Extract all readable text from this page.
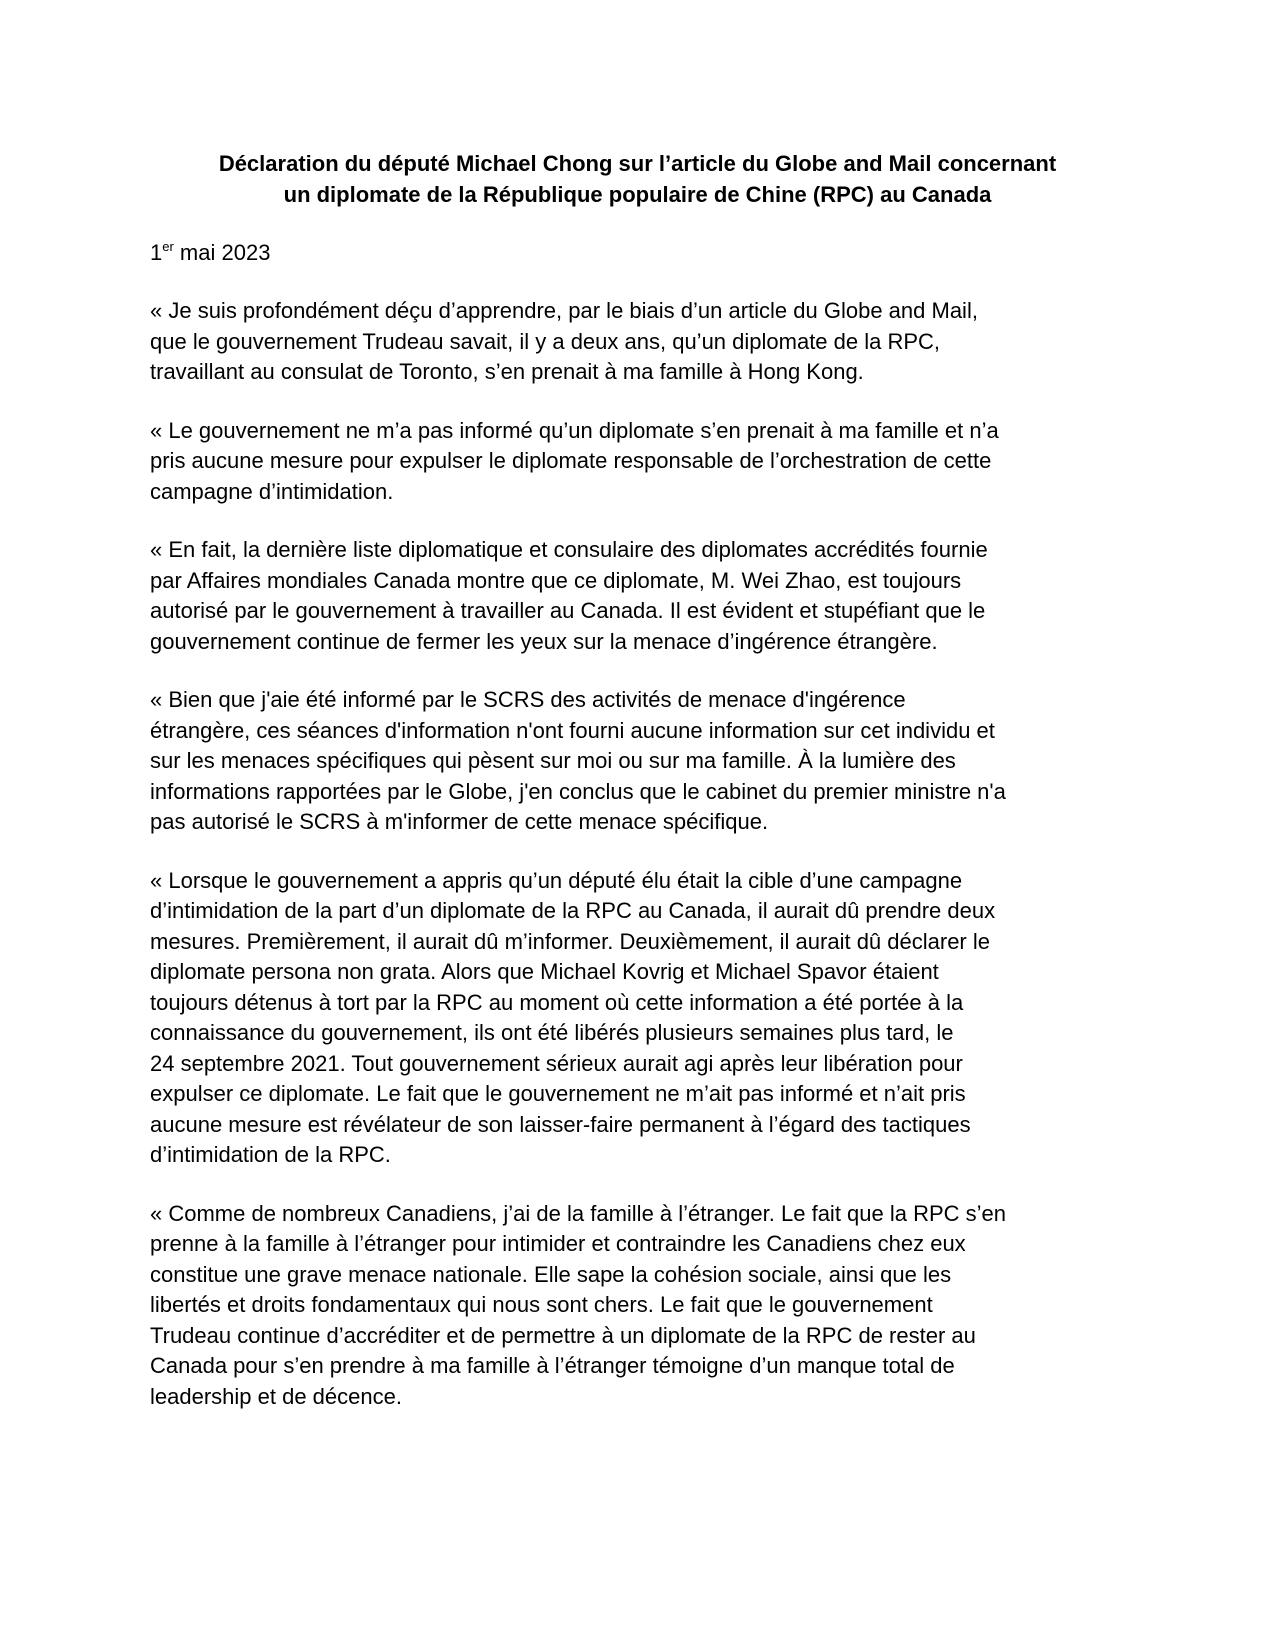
Déclaration du député Michael Chong sur l’article du Globe and Mail concernant
un diplomate de la République populaire de Chine (RPC) au Canada

1er mai 2023

« Je suis profondément déçu d’apprendre, par le biais d’un article du Globe and Mail,
que le gouvernement Trudeau savait, il y a deux ans, qu’un diplomate de la RPC,
travaillant au consulat de Toronto, s’en prenait à ma famille à Hong Kong.

« Le gouvernement ne m’a pas informé qu’un diplomate s’en prenait à ma famille et n’a
pris aucune mesure pour expulser le diplomate responsable de l’orchestration de cette
campagne d’intimidation.

« En fait, la dernière liste diplomatique et consulaire des diplomates accrédités fournie
par Affaires mondiales Canada montre que ce diplomate, M. Wei Zhao, est toujours
autorisé par le gouvernement à travailler au Canada. Il est évident et stupéfiant que le
gouvernement continue de fermer les yeux sur la menace d’ingérence étrangère.

« Bien que j'aie été informé par le SCRS des activités de menace d'ingérence
étrangère, ces séances d'information n'ont fourni aucune information sur cet individu et
sur les menaces spécifiques qui pèsent sur moi ou sur ma famille. À la lumière des
informations rapportées par le Globe, j'en conclus que le cabinet du premier ministre n'a
pas autorisé le SCRS à m'informer de cette menace spécifique.

« Lorsque le gouvernement a appris qu’un député élu était la cible d’une campagne
d’intimidation de la part d’un diplomate de la RPC au Canada, il aurait dû prendre deux
mesures. Premièrement, il aurait dû m’informer. Deuxièmement, il aurait dû déclarer le
diplomate persona non grata. Alors que Michael Kovrig et Michael Spavor étaient
toujours détenus à tort par la RPC au moment où cette information a été portée à la
connaissance du gouvernement, ils ont été libérés plusieurs semaines plus tard, le
24 septembre 2021. Tout gouvernement sérieux aurait agi après leur libération pour
expulser ce diplomate. Le fait que le gouvernement ne m’ait pas informé et n’ait pris
aucune mesure est révélateur de son laisser-faire permanent à l’égard des tactiques
d’intimidation de la RPC.

« Comme de nombreux Canadiens, j’ai de la famille à l’étranger. Le fait que la RPC s’en
prenne à la famille à l’étranger pour intimider et contraindre les Canadiens chez eux
constitue une grave menace nationale. Elle sape la cohésion sociale, ainsi que les
libertés et droits fondamentaux qui nous sont chers. Le fait que le gouvernement
Trudeau continue d’accréditer et de permettre à un diplomate de la RPC de rester au
Canada pour s’en prendre à ma famille à l’étranger témoigne d’un manque total de
leadership et de décence.
